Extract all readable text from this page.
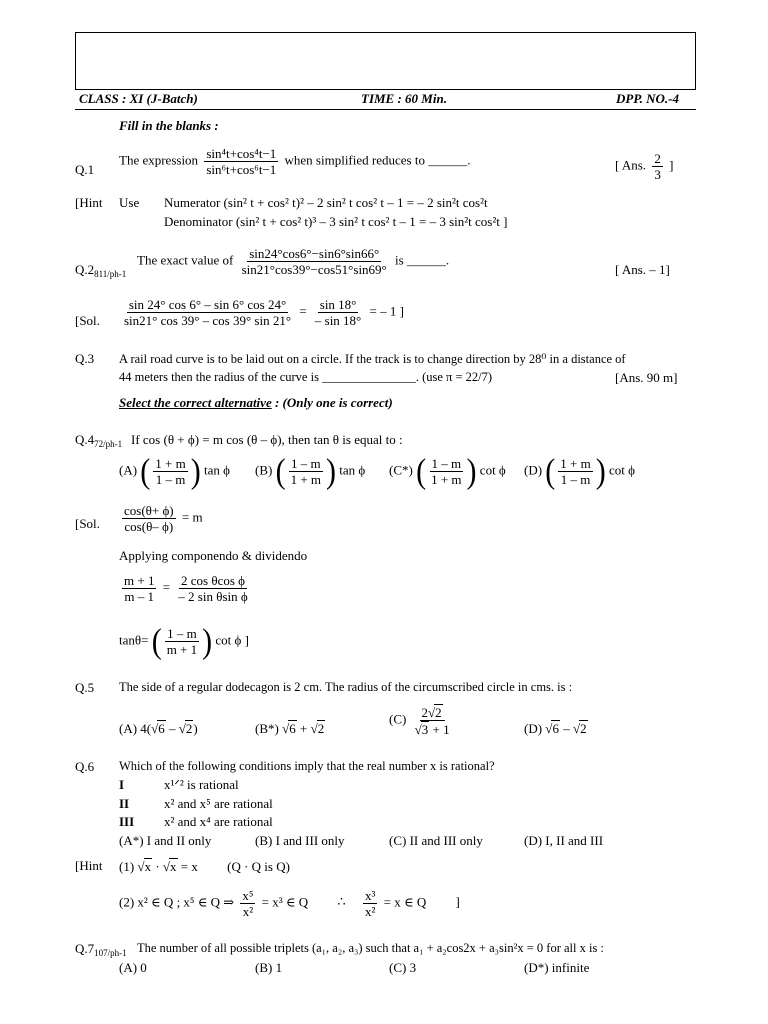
CLASS : XI (J-Batch)	TIME : 60 Min.	DPP. NO.-4
Fill in the blanks :
Q.1
The expression $\frac{\text{sin⁴t+cos⁴t−1}}{\text{sin⁶t+cos⁶t−1}}$ when simplified reduces to ______.	[ Ans. $\frac{2}{3}$ ]
[Hint Use Numerator (sin² t + cos² t)² – 2 sin² t cos² t – 1 = – 2 sin²t cos²t
Denominator (sin² t + cos² t)³ – 3 sin² t cos² t – 1 = – 3 sin²t cos²t ]
$Q.2_{811/ph-1}$
The exact value of $\frac{\sin 24^\circ\cos 6^\circ-\sin 6^\circ\sin 66^\circ}{\sin 21^\circ\cos 39^\circ-\cos 51^\circ\sin 69^\circ}$ is ______.
[ Ans. – 1]
[Sol. $\frac{\sin 24^\circ \cos 6^\circ - \sin 6^\circ \cos 24^\circ}{\sin 21^\circ \cos 39^\circ - \cos 39^\circ \sin 21^\circ} = \frac{\sin 18^\circ}{- \sin 18^\circ}$ = – 1 ]
Q.3 A rail road curve is to be laid out on a circle. If the track is to change direction by 28⁰ in a distance of
44 meters then the radius of the curve is _______________. (use π = 22/7)	[Ans. 90 m]
Select the correct alternative : (Only one is correct)
$Q.4_{72/ph-1}$ If cos (θ + ϕ) = m cos (θ – ϕ), then tan θ is equal to :
(A) ( $\frac{1 + m}{1 - m}$ ) tan ϕ (B) ( $\frac{1 - m}{1 + m}$ ) tan ϕ (C*) ( $\frac{1 - m}{1 + m}$ ) cot ϕ (D) ( $\frac{1 + m}{1 - m}$ ) cot ϕ
[Sol. $\frac{\cos(\theta+ \phi)}{\cos(\theta- \phi)} = m$
Applying componendo & dividendo
$\frac{m + 1}{m - 1} = \frac{\text{2 cos θcos ϕ}}{\text{– 2 sin θsin ϕ}}$
tanθ= ( $\frac{1 - m}{m + 1}$ ) cot ϕ ]
Q.5 The side of a regular dodecagon is 2 cm. The radius of the circumscribed circle in cms. is :
(A) 4(√6 – √2)	(B*) √6 + √2
$(C) \frac{2√2}{√3 + 1}$	(D) √6 – √2
Q.6 Which of the following conditions imply that the real number x is rational?
I	x¹ᐟ² is rational
II	x² and x⁵ are rational
III x² and x⁴ are rational
(A*) I and II only	(B) I and III only	(C) II and III only	(D) I, II and III
[Hint (1) √x · √x = x (Q · Q is Q)
(2) x² ∈ Q ; x⁵ ∈ Q ⇒ $\frac{\text{x⁵}}{\text{x²}} = x^3$ ∈ Q ∴ $\frac{\text{x³}}{\text{x²}} = x$ ∈ Q ]
$Q.7_{107/ph-1}$ The number of all possible triplets (a₁, a₂, a₃) such that a₁ + a₂cos2x + a₃sin²x = 0 for all x is :
(A) 0	(B) 1	(C) 3	(D*) infinite
